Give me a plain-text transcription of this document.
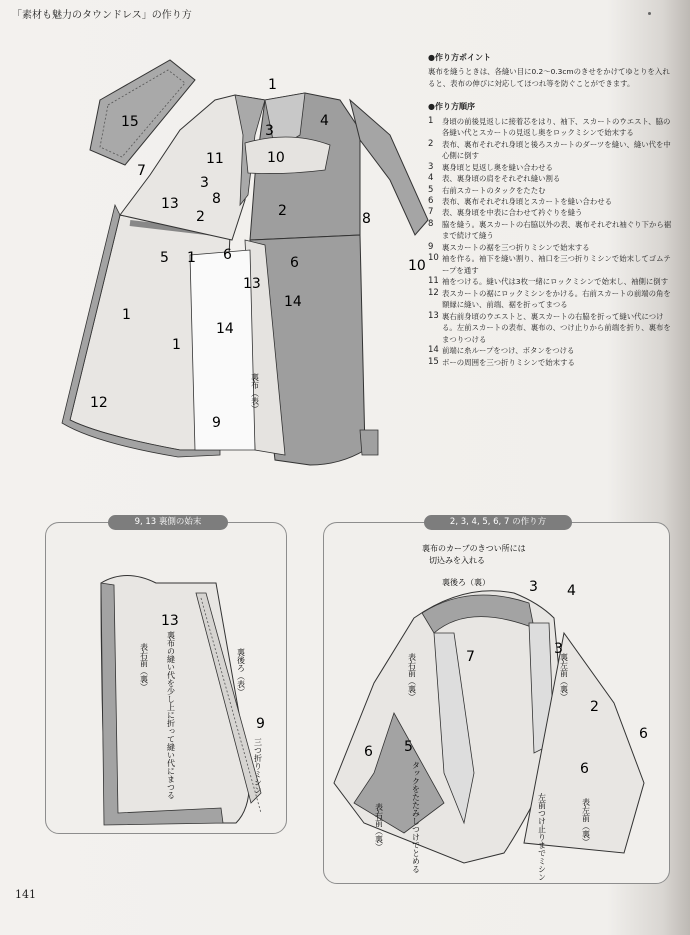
「素材も魅力のタウンドレス」の作り方
1
15
3
4
10
7
11
3
8
13
2	2
5 1 6	6
8
10
1
13
14
14
1
12
9
裏布（表）
●作り方ポイント
裏布を縫うときは、各縫い目に0.2〜0.3cmのきせをかけてゆとりを入れると、表布の伸びに対応してほつれ等を防ぐことができます。
●作り方順序
1	身頃の前後見返しに接着芯をはり、袖下、スカートのウエスト、脇の各縫い代とスカートの見返し奥をロックミシンで始末する
2	表布、裏布それぞれ身頃と後ろスカートのダーツを縫い、縫い代を中心側に倒す
3	裏身頃と見返し奥を縫い合わせる
4	表、裏身頃の肩をそれぞれ縫い割る
5	右前スカートのタックをたたむ
6	表布、裏布それぞれ身頃とスカートを縫い合わせる
7	表、裏身頃を中表に合わせて衿ぐりを縫う
8	脇を縫う。裏スカートの右脇以外の表、裏布それぞれ袖ぐり下から裾まで続けて縫う
9	裏スカートの裾を三つ折りミシンで始末する
10 袖を作る。袖下を縫い割り、袖口を三つ折りミシンで始末してゴムテープを通す
11 袖をつける。縫い代は3枚一緒にロックミシンで始末し、袖側に倒す
12 表スカートの裾にロックミシンをかける。右前スカートの前端の角を額縁に縫い、前端、裾を折ってまつる
13 裏右前身頃のウエストと、裏スカートの右脇を折って縫い代につける。左前スカートの表布、裏布の、つけ止りから前端を折り、裏布をまつりつける
14 前端に糸ループをつけ、ボタンをつける
15 ボーの周囲を三つ折りミシンで始末する
9, 13 裏側の始末
13
裏布の縫い代を少し上に折って縫い代にまつる
表右前（裏）	裏後ろ（表）
9
三つ折りミシン
2, 3, 4, 5, 6, 7 の作り方
裏布のカーブのきつい所には
切込みを入れる
裏後ろ（裏）	3 4
7	3
裏左前（裏）
表右前（裏）
2
6
6
6 5
タックをたたみしつけでとめる
表右前（裏）	左前つけ止りまでミシン	表左前（裏）
141
